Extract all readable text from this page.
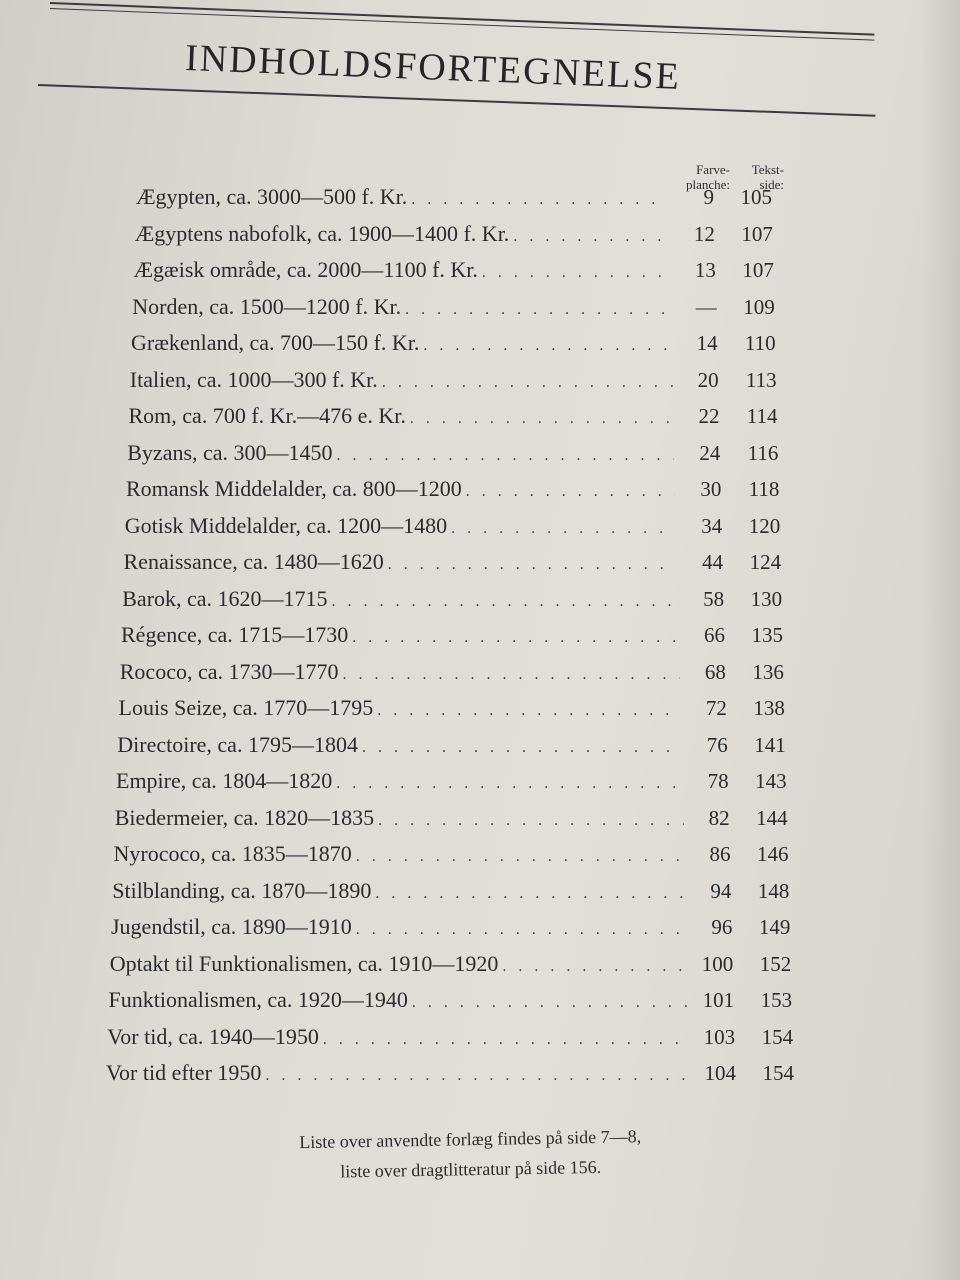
INDHOLDSFORTEGNELSE
Farve-
planche:
Tekst-
side:
Ægypten, ca. 3000—500 f. Kr. . . .	9	105
Ægyptens nabofolk, ca. 1900—1400 f. Kr. . . .	12	107
Ægæisk område, ca. 2000—1100 f. Kr. . . .	13	107
Norden, ca. 1500—1200 f. Kr. . . .	—	109
Grækenland, ca. 700—150 f. Kr. . . .	14	110
Italien, ca. 1000—300 f. Kr. . . .	20	113
Rom, ca. 700 f. Kr.—476 e. Kr. . . .	22	114
Byzans, ca. 300—1450 . . .	24	116
Romansk Middelalder, ca. 800—1200 . . .	30	118
Gotisk Middelalder, ca. 1200—1480 . . .	34	120
Renaissance, ca. 1480—1620 . . .	44	124
Barok, ca. 1620—1715 . . .	58	130
Régence, ca. 1715—1730 . . .	66	135
Rococo, ca. 1730—1770 . . .	68	136
Louis Seize, ca. 1770—1795 . . .	72	138
Directoire, ca. 1795—1804 . . .	76	141
Empire, ca. 1804—1820 . . .	78	143
Biedermeier, ca. 1820—1835 . . .	82	144
Nyrococo, ca. 1835—1870 . . .	86	146
Stilblanding, ca. 1870—1890 . . .	94	148
Jugendstil, ca. 1890—1910 . . .	96	149
Optakt til Funktionalismen, ca. 1910—1920 . . .	100	152
Funktionalismen, ca. 1920—1940 . . .	101	153
Vor tid, ca. 1940—1950 . . .	103	154
Vor tid efter 1950 . . .	104	154
Liste over anvendte forlæg findes på side 7—8,
liste over dragtlitteratur på side 156.
